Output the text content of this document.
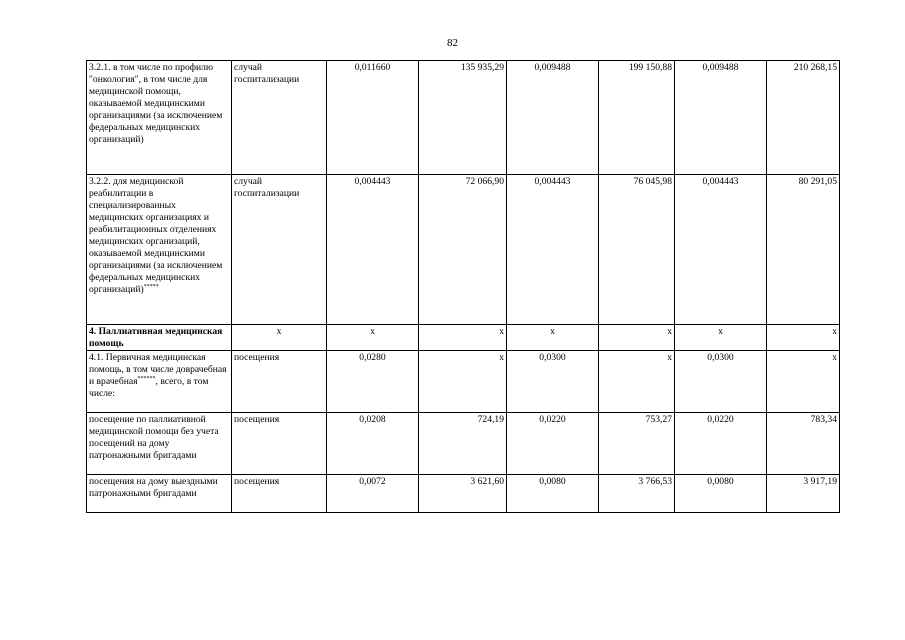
82
3.2.1. в том числе по профилю "онкология", в том числе для медицинской помощи, оказываемой медицинскими организациями (за исключением федеральных медицинских организаций)	случай госпитализации	0,011660	135 935,29	0,009488	199 150,88	0,009488	210 268,15
3.2.2. для медицинской реабилитации в специализированных медицинских организациях и реабилитационных отделениях медицинских организаций, оказываемой медицинскими организациями (за исключением федеральных медицинских организаций)*****	случай госпитализации	0,004443	72 066,90	0,004443	76 045,98	0,004443	80 291,05
4. Паллиативная медицинская помощь	х	х	х	х	х	х	х
4.1. Первичная медицинская помощь, в том числе доврачебная и врачебная******, всего, в том числе:	посещения	0,0280	х	0,0300	х	0,0300	х
посещение по паллиативной медицинской помощи без учета посещений на дому патронажными бригадами	посещения	0,0208	724,19	0,0220	753,27	0,0220	783,34
посещения на дому выездными патронажными бригадами	посещения	0,0072	3 621,60	0,0080	3 766,53	0,0080	3 917,19
